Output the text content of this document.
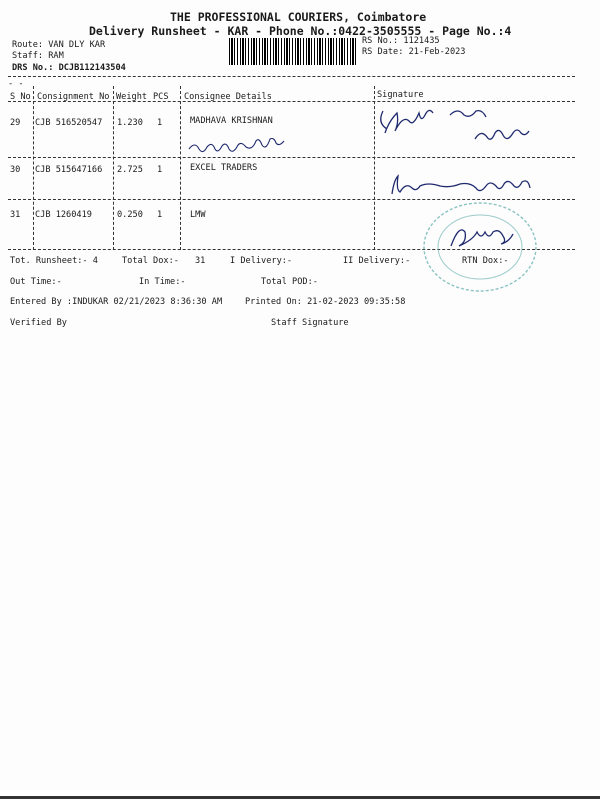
THE PROFESSIONAL COURIERS, Coimbatore
Delivery Runsheet - KAR - Phone No.:0422-3505555 - Page No.:4
Route: VAN DLY KAR
Staff: RAM
DRS No.: DCJB112143504
RS No.: 1121435
RS Date: 21-Feb-2023
- -
S No Consignment No Weight PCS Consignee Details	Signature
29 CJB 516520547 1.230 1	MADHAVA KRISHNAN
30 CJB 515647166 2.725 1	EXCEL TRADERS
31 CJB 1260419	0.250 1	LMW
Tot. Runsheet:- 4	Total Dox:- 31	I Delivery:-	II Delivery:-	RTN Dox:-
Out Time:-	In Time:-	Total POD:-
Entered By :INDUKAR 02/21/2023 8:36:30 AM	Printed On: 21-02-2023 09:35:58
Verified By	Staff Signature
